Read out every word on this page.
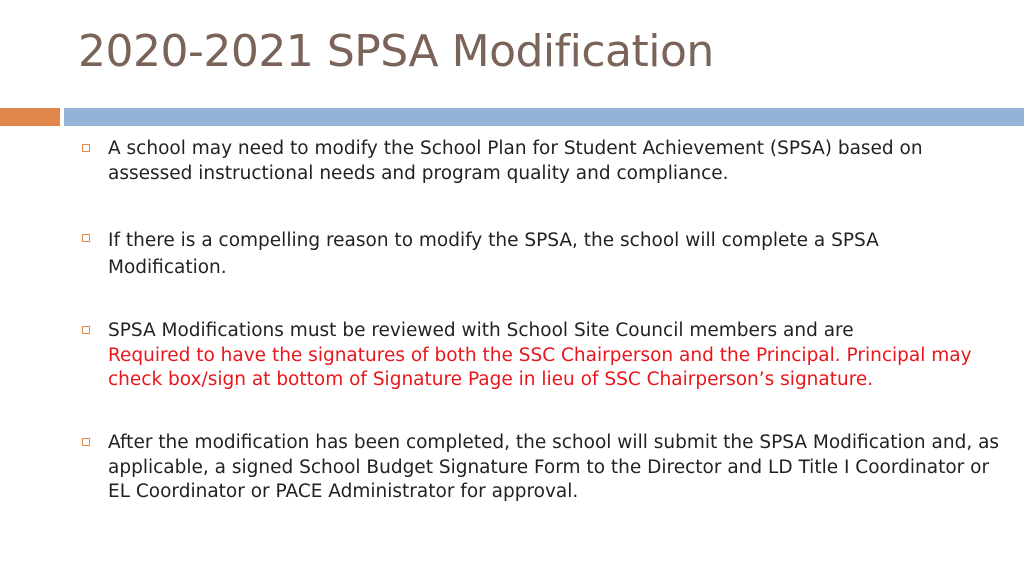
2020-2021 SPSA Modification
A school may need to modify the School Plan for Student Achievement (SPSA) based on assessed instructional needs and program quality and compliance.
If there is a compelling reason to modify the SPSA, the school will complete a SPSA
Modification.
SPSA Modifications must be reviewed with School Site Council members and are
Required to have the signatures of both the SSC Chairperson and the Principal. Principal may check box/sign at bottom of Signature Page in lieu of SSC Chairperson’s signature.
After the modification has been completed, the school will submit the SPSA Modification and, as applicable, a signed School Budget Signature Form to the Director and LD Title I Coordinator or EL Coordinator or PACE Administrator for approval.
